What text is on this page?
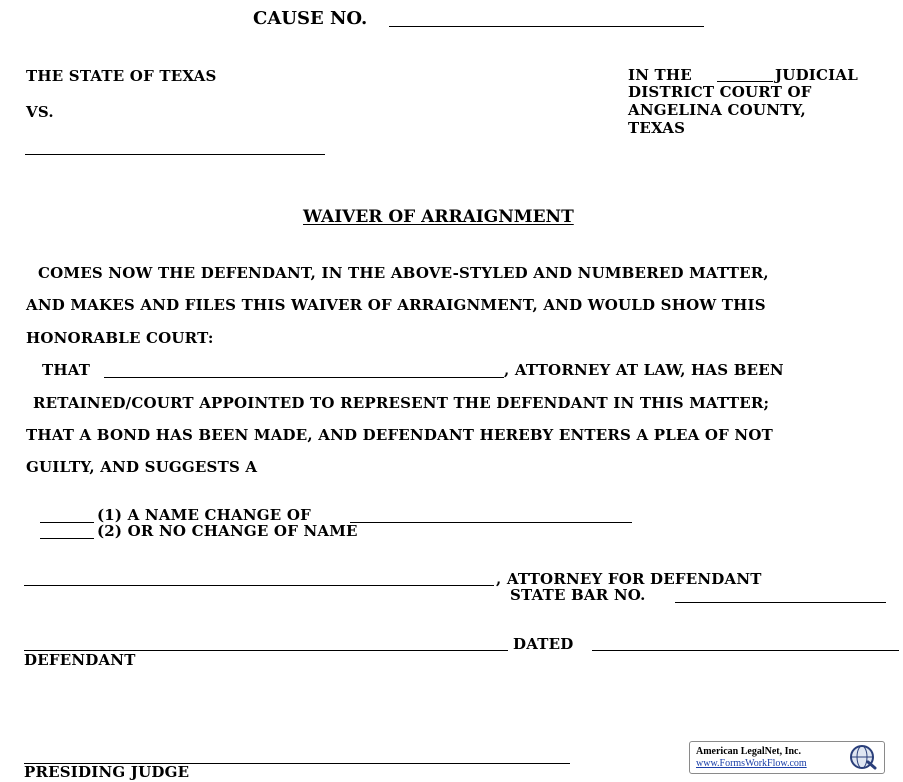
CAUSE NO.
THE STATE OF TEXAS
VS.
IN THE	JUDICIAL
DISTRICT COURT OF
ANGELINA COUNTY,
TEXAS
WAIVER OF ARRAIGNMENT
COMES NOW THE DEFENDANT, IN THE ABOVE-STYLED AND NUMBERED MATTER,
AND MAKES AND FILES THIS WAIVER OF ARRAIGNMENT, AND WOULD SHOW THIS
HONORABLE COURT:
THAT	, ATTORNEY AT LAW, HAS BEEN
RETAINED/COURT APPOINTED TO REPRESENT THE DEFENDANT IN THIS MATTER;
THAT A BOND HAS BEEN MADE, AND DEFENDANT HEREBY ENTERS A PLEA OF NOT
GUILTY, AND SUGGESTS A
(1) A NAME CHANGE OF
(2) OR NO CHANGE OF NAME
, ATTORNEY FOR DEFENDANT
STATE BAR NO.
DATED
DEFENDANT
PRESIDING JUDGE
American LegalNet, Inc.
www.FormsWorkFlow.com
